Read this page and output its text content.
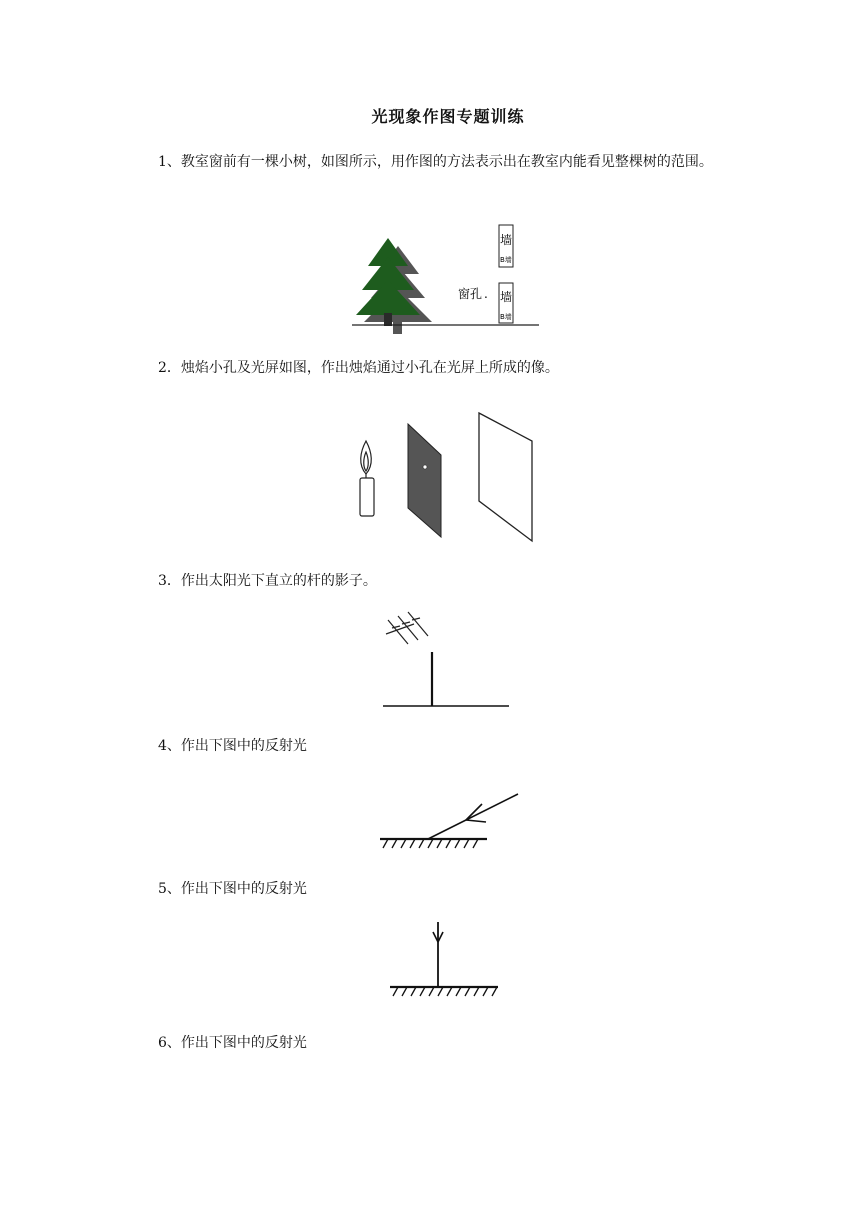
光现象作图专题训练

1、教室窗前有一棵小树，如图所示，用作图的方法表示出在教室内能看见整棵树的范围。

2．烛焰小孔及光屏如图，作出烛焰通过小孔在光屏上所成的像。

3．作出太阳光下直立的杆的影子。

4、作出下图中的反射光

5、作出下图中的反射光

6、作出下图中的反射光

窗孔 .
墙
B墙
墙
B墙
